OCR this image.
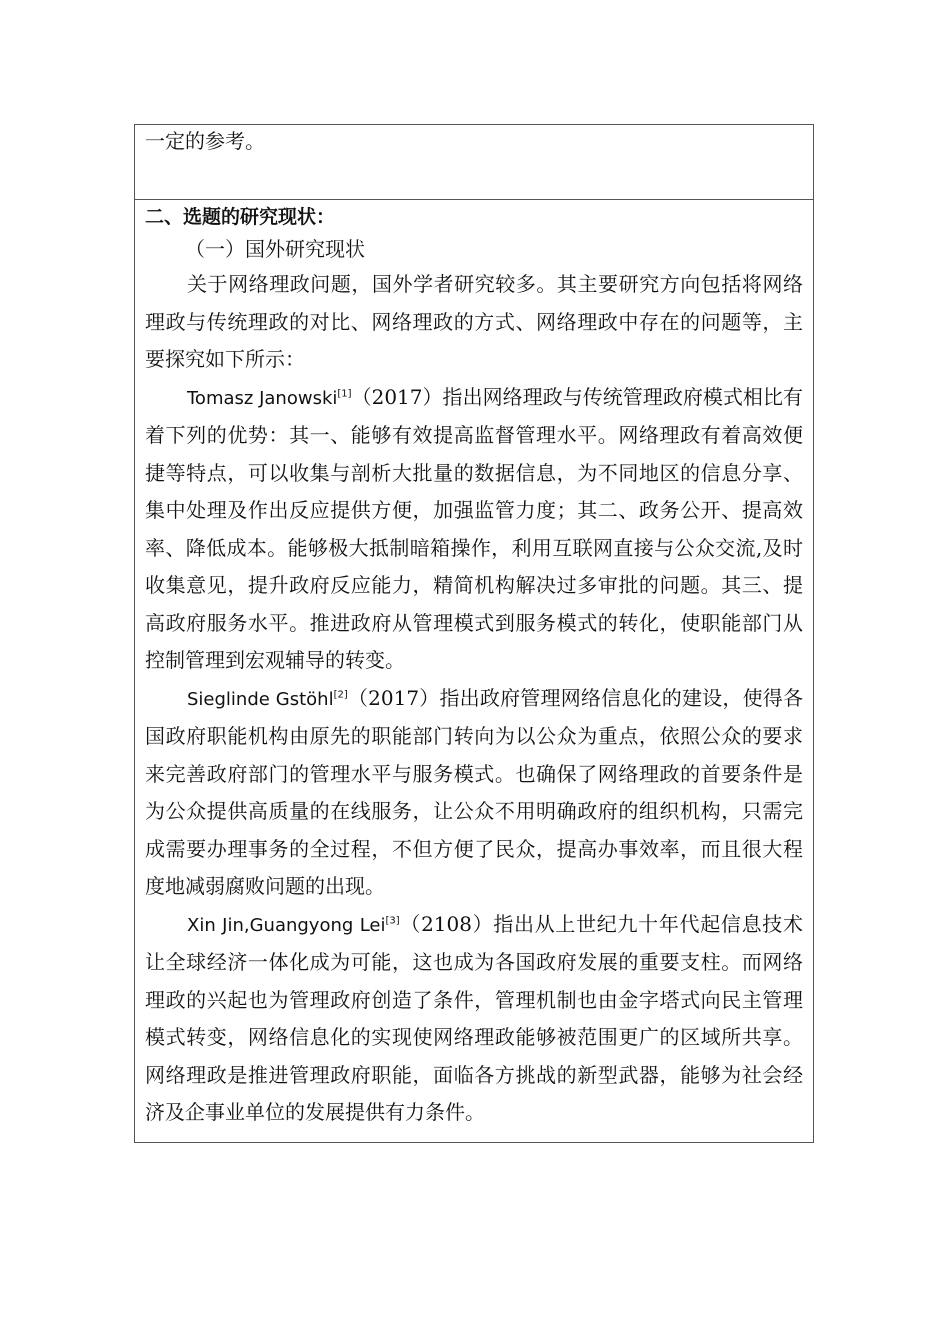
一定的参考。

二、选题的研究现状：

（一）国外研究现状

关于网络理政问题，国外学者研究较多。其主要研究方向包括将网络理政与传统理政的对比、网络理政的方式、网络理政中存在的问题等，主要探究如下所示：

Tomasz Janowski[1]（2017）指出网络理政与传统管理政府模式相比有着下列的优势：其一、能够有效提高监督管理水平。网络理政有着高效便捷等特点，可以收集与剖析大批量的数据信息，为不同地区的信息分享、集中处理及作出反应提供方便，加强监管力度；其二、政务公开、提高效率、降低成本。能够极大抵制暗箱操作，利用互联网直接与公众交流,及时收集意见，提升政府反应能力，精简机构解决过多审批的问题。其三、提高政府服务水平。推进政府从管理模式到服务模式的转化，使职能部门从控制管理到宏观辅导的转变。

Sieglinde Gstöhl[2]（2017）指出政府管理网络信息化的建设，使得各国政府职能机构由原先的职能部门转向为以公众为重点，依照公众的要求来完善政府部门的管理水平与服务模式。也确保了网络理政的首要条件是为公众提供高质量的在线服务，让公众不用明确政府的组织机构，只需完成需要办理事务的全过程，不但方便了民众，提高办事效率，而且很大程度地减弱腐败问题的出现。

Xin Jin,Guangyong Lei[3]（2108）指出从上世纪九十年代起信息技术让全球经济一体化成为可能，这也成为各国政府发展的重要支柱。而网络理政的兴起也为管理政府创造了条件，管理机制也由金字塔式向民主管理模式转变，网络信息化的实现使网络理政能够被范围更广的区域所共享。网络理政是推进管理政府职能，面临各方挑战的新型武器，能够为社会经济及企事业单位的发展提供有力条件。
